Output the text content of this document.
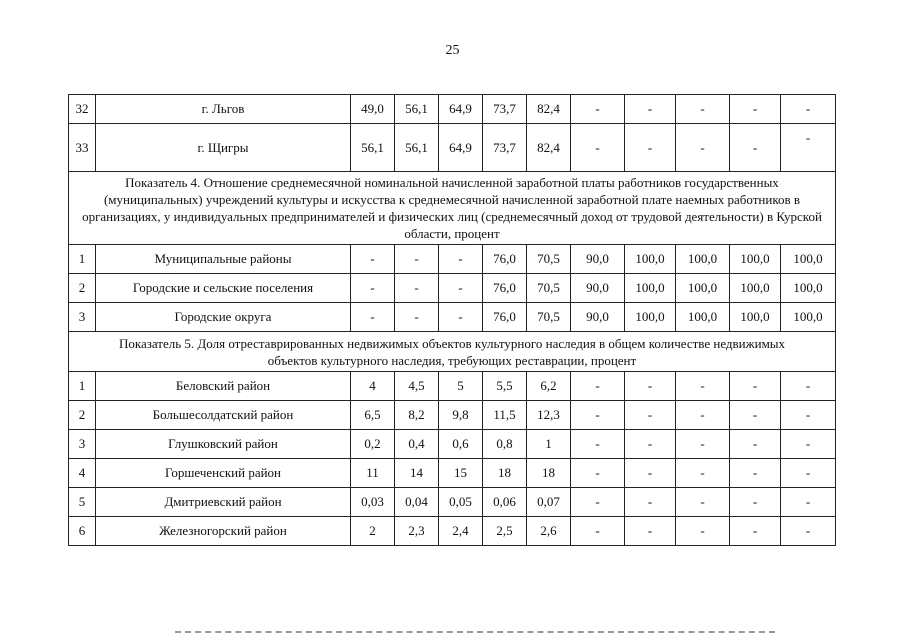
25
32	г. Льгов	49,0	56,1	64,9	73,7	82,4	-	-	-	-	-
33	г. Щигры	56,1	56,1	64,9	73,7	82,4	-	-	-	-	-
Показатель 4. Отношение среднемесячной номинальной начисленной заработной платы работников государственных (муниципальных) учреждений культуры и искусства к среднемесячной начисленной заработной плате наемных работников в организациях, у индивидуальных предпринимателей и физических лиц (среднемесячный доход от трудовой деятельности) в Курской области, процент											
1	Муниципальные районы	-	-	-	76,0	70,5	90,0	100,0	100,0	100,0	100,0
2	Городские и сельские поселения	-	-	-	76,0	70,5	90,0	100,0	100,0	100,0	100,0
3	Городские округа	-	-	-	76,0	70,5	90,0	100,0	100,0	100,0	100,0
Показатель 5. Доля отреставрированных недвижимых объектов культурного наследия в общем количестве недвижимых объектов культурного наследия, требующих реставрации, процент											
1	Беловский район	4	4,5	5	5,5	6,2	-	-	-	-	-
2	Большесолдатский район	6,5	8,2	9,8	11,5	12,3	-	-	-	-	-
3	Глушковский район	0,2	0,4	0,6	0,8	1	-	-	-	-	-
4	Горшеченский район	11	14	15	18	18	-	-	-	-	-
5	Дмитриевский район	0,03	0,04	0,05	0,06	0,07	-	-	-	-	-
6	Железногорский район	2	2,3	2,4	2,5	2,6	-	-	-	-	-
